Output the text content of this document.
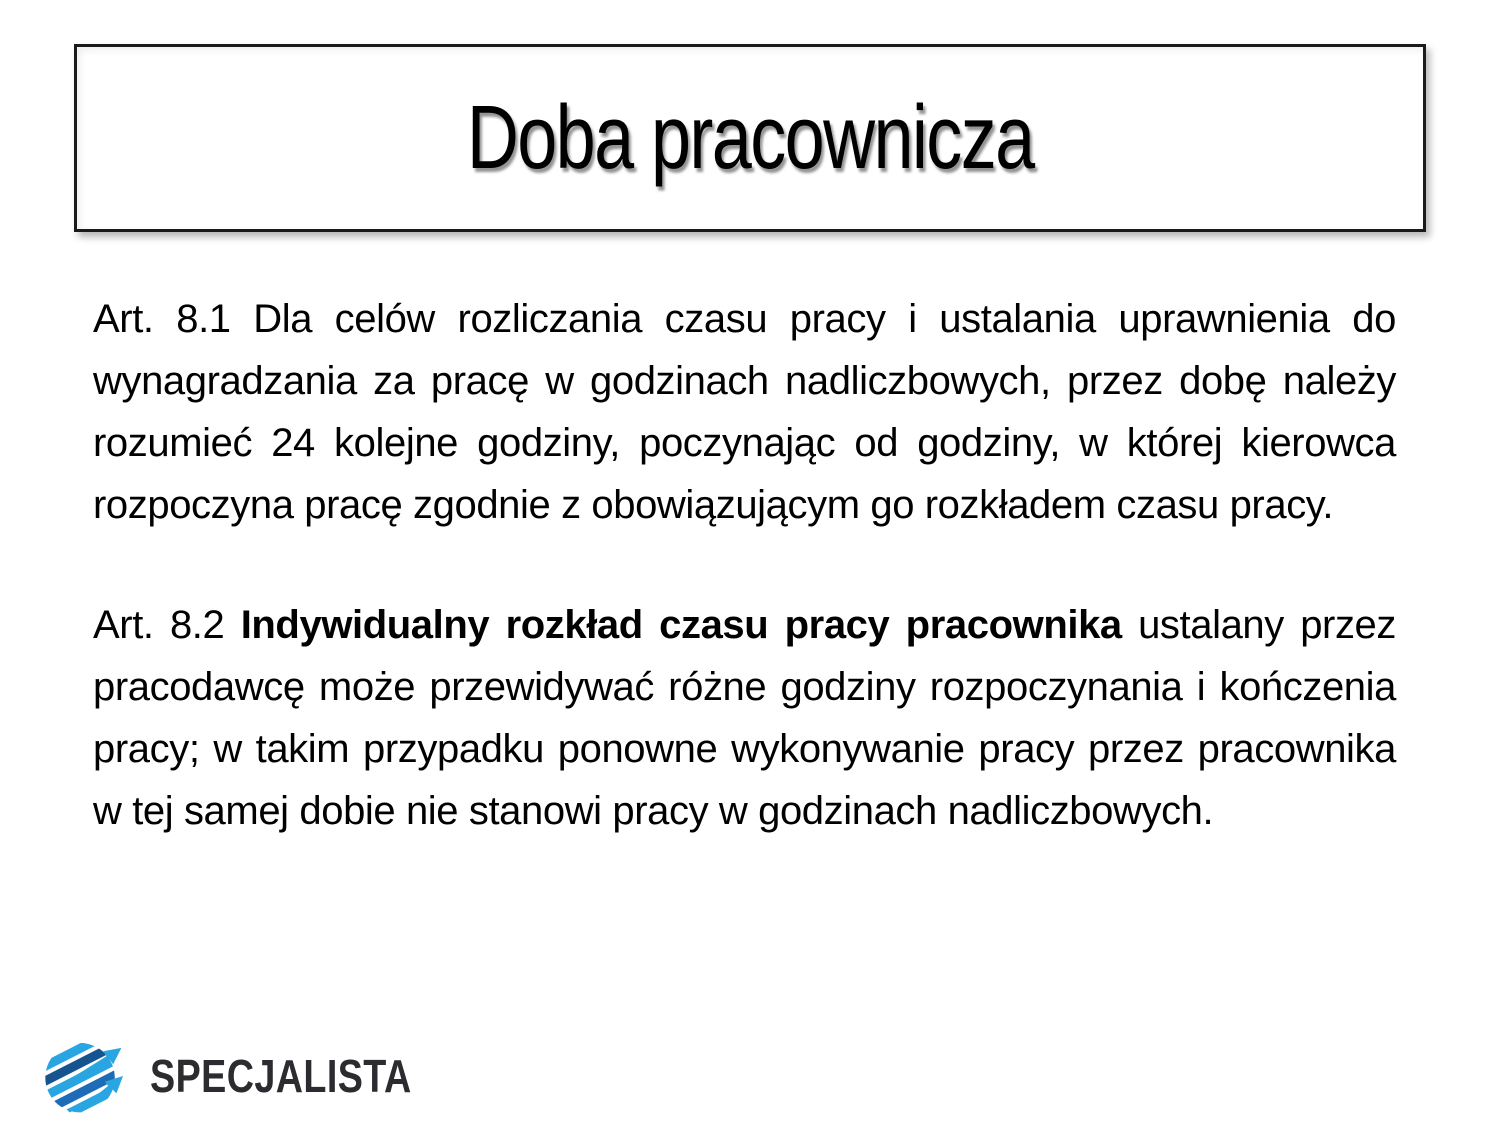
Doba pracownicza

Art. 8.1 Dla celów rozliczania czasu pracy i ustalania uprawnienia do wynagradzania za pracę w godzinach nadliczbowych, przez dobę należy rozumieć 24 kolejne godziny, poczynając od godziny, w której kierowca rozpoczyna pracę zgodnie z obowiązującym go rozkładem czasu pracy.

Art. 8.2 Indywidualny rozkład czasu pracy pracownika ustalany przez pracodawcę może przewidywać różne godziny rozpoczynania i kończenia pracy; w takim przypadku ponowne wykonywanie pracy przez pracownika w tej samej dobie nie stanowi pracy w godzinach nadliczbowych.

SPECJALISTA
